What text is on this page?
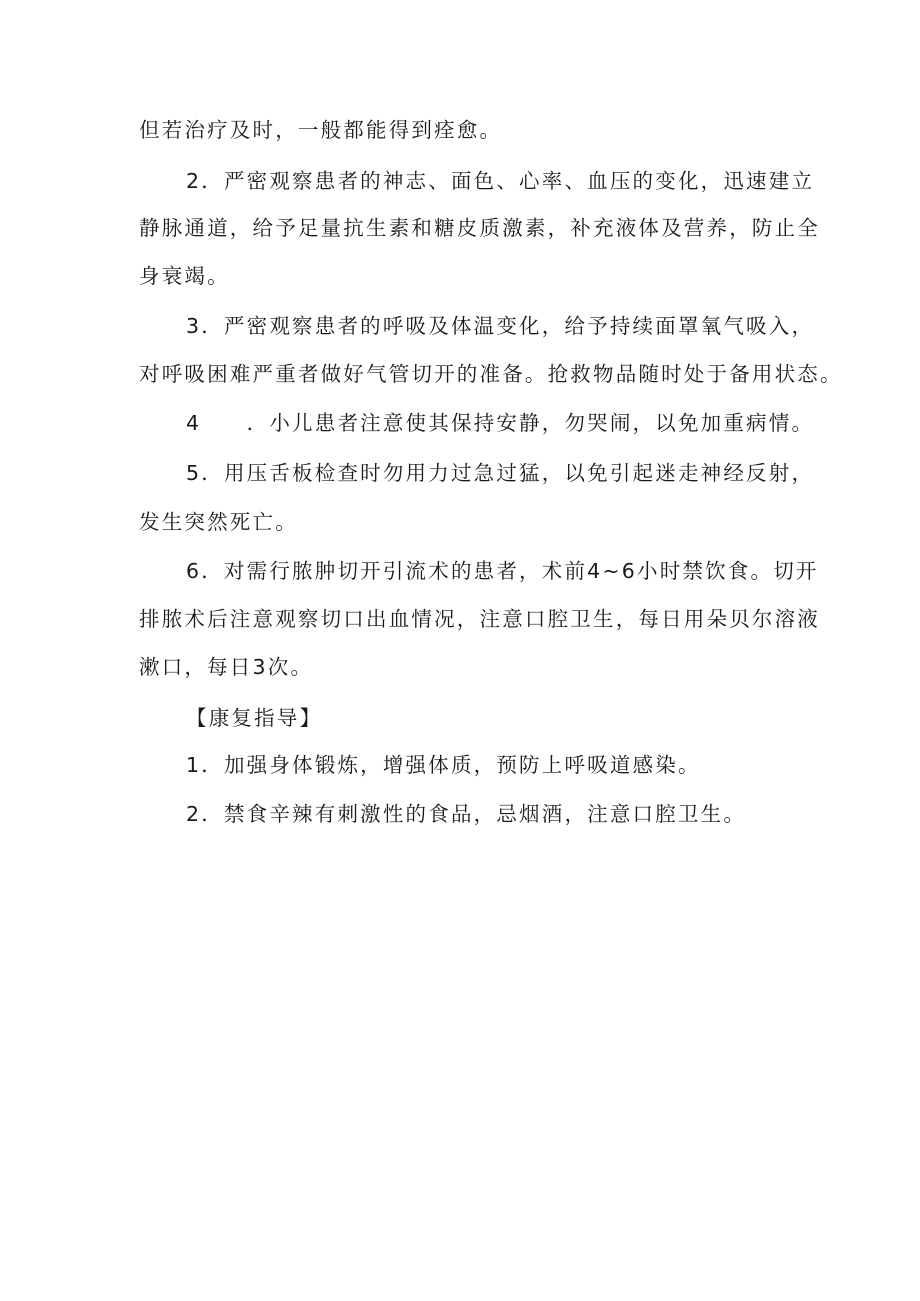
但若治疗及时，一般都能得到痊愈。
2．严密观察患者的神志、面色、心率、血压的变化，迅速建立
静脉通道，给予足量抗生素和糖皮质激素，补充液体及营养，防止全
身衰竭。
3．严密观察患者的呼吸及体温变化，给予持续面罩氧气吸入，
对呼吸困难严重者做好气管切开的准备。抢救物品随时处于备用状态。
4　　．小儿患者注意使其保持安静，勿哭闹，以免加重病情。
5．用压舌板检查时勿用力过急过猛，以免引起迷走神经反射，
发生突然死亡。
6．对需行脓肿切开引流术的患者，术前4~6小时禁饮食。切开
排脓术后注意观察切口出血情况，注意口腔卫生，每日用朵贝尔溶液
漱口，每日3次。
【康复指导】
1．加强身体锻炼，增强体质，预防上呼吸道感染。
2．禁食辛辣有刺激性的食品，忌烟酒，注意口腔卫生。
